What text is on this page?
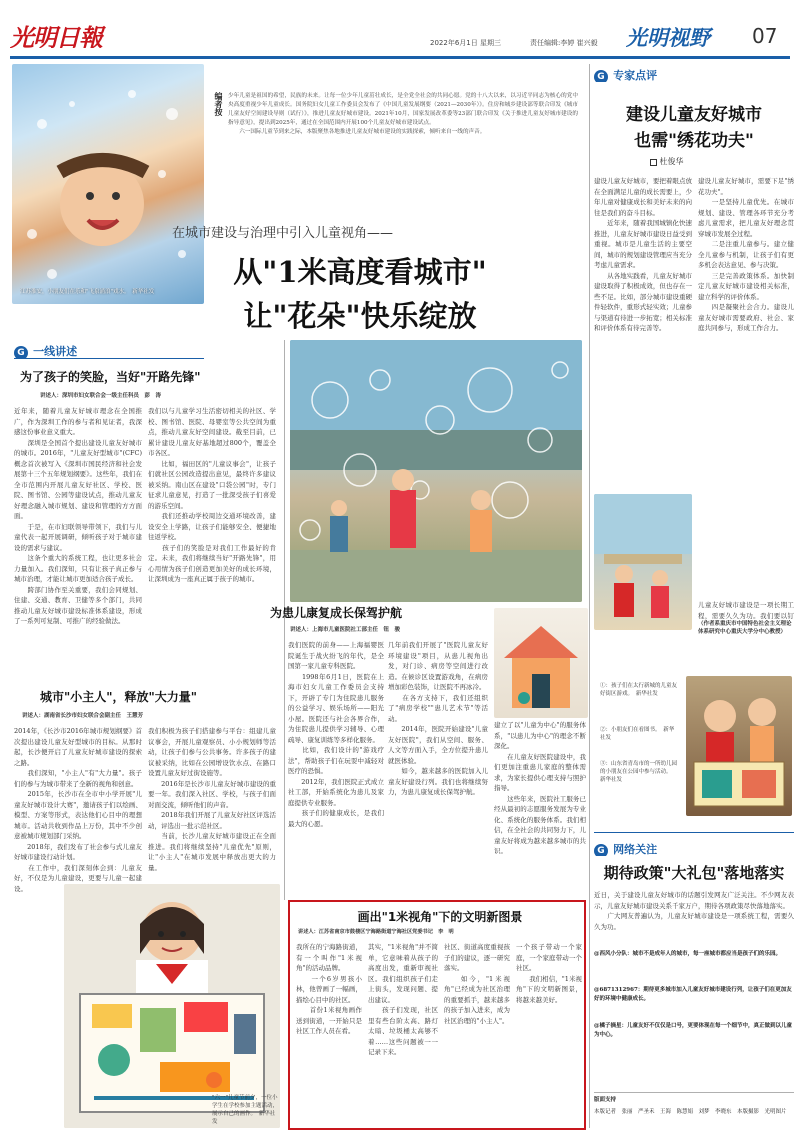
光明日報	2022年6月1日 星期三	责任编辑:李婷 崔兴毅	光明视野	07
江苏淮安，小朋友们在乐和"飞泉涌浪"戏水。　新华社发
编者按 少年儿童是祖国的希望，民族的未来。让每一位少年儿童茁壮成长，是全党全社会的共同心愿。党的十八大以来，以习近平同志为核心的党中央高度重视少年儿童成长。国务院妇女儿童工作委员会发布了《中国儿童发展纲要（2021—2030年）》。住房和城乡建设部等联合印发《城市儿童友好空间建设导则（试行）》，推进儿童友好城市建设。2021年10月，国家发展改革委等23部门联合印发《关于推进儿童友好城市建设的指导意见》，提出到2025年，通过在全国范围内开展100个儿童友好城市建设试点。
　　六一国际儿童节到来之际，本版聚焦各地推进儿童友好城市建设的实践探索，倾听来自一线的声音。
在城市建设与治理中引入儿童视角——
从"1米高度看城市"
让"花朵"快乐绽放
G 一线讲述
为了孩子的笑脸，当好"开路先锋"
讲述人：深圳市妇女联合会一级主任科员　彭　涛
近年来，随着儿童友好城市理念在全国推广，作为深圳工作的参与者和见证者，我深感这份事业意义重大。
　　深圳是全国首个提出建设儿童友好城市的城市。2016年，"儿童友好型城市"(CFC)概念首次被写入《深圳市国民经济和社会发展第十三个五年规划纲要》。这些年，我们在全市范围内开展儿童友好社区、学校、医院、图书馆、公园等建设试点，推动儿童友好理念融入城市规划、建设和管理的方方面面。
　　于是，在市妇联领导带领下，我们与儿童代表一起开展调研，倾听孩子对于城市建设的需求与建议。
　　这条个重大的系统工程，也让更多社会力量加入。我们深知，只有让孩子真正参与城市治理，才能让城市更加适合孩子成长。
　　跨部门协作至关重要，我们会同规划、住建、交通、教育、卫健等多个部门，共同推动儿童友好城市建设标准体系建设，形成了一系列可复制、可推广的经验做法。
我们以与儿童学习生活密切相关的社区、学校、图书馆、医院、母婴室等公共空间为重点，推动儿童友好空间建设。截至目前，已累计建设儿童友好基地超过800个，覆盖全市各区。
　　比如，福田区的"儿童议事会"，让孩子们就社区公园改造提出意见，最终许多建议被采纳。南山区在建设"口袋公园"时，专门征求儿童意见，打造了一批深受孩子们喜爱的游乐空间。
　　我们还推动学校周边交通环境改善，建设安全上学路，让孩子们能够安全、便捷地往返学校。
　　孩子们的笑脸是对我们工作最好的肯定。未来，我们将继续当好"开路先锋"，用心用情为孩子们创造更加美好的成长环境，让深圳成为一座真正属于孩子的城市。
城市"小主人"，释放"大力量"
讲述人：湖南省长沙市妇女联合会副主任　王慧芳
2014年，《长沙市2016年城市规划纲要》首次提出建设儿童友好型城市的目标。从那时起，长沙便开启了儿童友好城市建设的探索之路。
　　我们深知，"小主人"有"大力量"。孩子们的参与为城市带来了全新的视角和创意。
　　2015年，长沙市在全市中小学开展"儿童友好城市设计大赛"，邀请孩子们以绘画、模型、方案等形式，表达他们心目中的理想城市。活动共收到作品上万份，其中不少创意被城市规划部门采纳。
　　2018年，我们发布了社会参与式儿童友好城市建设行动计划。
　　在工作中，我们深刻体会到：儿童友好，不仅是为儿童建设，更要与儿童一起建设。
我们积极为孩子们搭建参与平台：组建儿童议事会，开展儿童观察员、小小规划师等活动，让孩子们参与公共事务。许多孩子的建议被采纳，比如在公园增设饮水点、在路口设置儿童友好过街设施等。
　　2016年是长沙市儿童友好城市建设的重要一年。我们深入社区、学校，与孩子们面对面交流，倾听他们的声音。
　　2018年我们开展了儿童友好社区评选活动，评选出一批示范社区。
　　当前，长沙儿童友好城市建设正在全面推进。我们将继续坚持"儿童优先"原则，让"小主人"在城市发展中释放出更大的力量。

"六一"儿童节前夕，一位小学生在学校参加主题活动，展示自己的画作。　新华社发
为患儿康复成长保驾护航
讲述人：上海市儿童医院社工部主任　钮　骏
我们医院的前身——上海福婴医院诞生于战火纷飞的年代，是全国第一家儿童专科医院。
　　1998年6月1日，医院在上海市妇女儿童工作委员会支持下，开辟了专门为住院患儿服务的公益学习、娱乐场所——阳光小屋。医院还与社会各界合作，为住院患儿提供学习辅导、心理疏导、康复训练等多样化服务。
　　比如，我们设计的"游戏疗法"，帮助孩子们在玩耍中减轻对医疗的恐惧。
　　2012年，我们医院正式成立社工部，开始系统化为患儿及家庭提供专业服务。
　　孩子们的健康成长，是我们最大的心愿。
几年前我们开展了"医院儿童友好环境建设"项目，从患儿视角出发，对门诊、病房等空间进行改造。在候诊区设置游戏角，在病房增加彩色装饰，让医院不再冰冷。
　　在各方支持下，我们还组织了"病房学校""患儿艺术节"等活动。
　　2014年，医院开始建设"儿童友好医院"，我们从空间、服务、人文等方面入手，全方位提升患儿就医体验。
　　如今，越来越多的医院加入儿童友好建设行列。我们也将继续努力，为患儿康复成长保驾护航。
建立了以"儿童为中心"的服务体系，"以患儿为中心"的理念不断深化。
　　在儿童友好医院建设中，我们更加注重患儿家庭的整体需求，为家长提供心理支持与照护指导。
　　这些年来，医院社工服务已经从最初的志愿服务发展为专业化、系统化的服务体系。我们相信，在全社会的共同努力下，儿童友好将成为越来越多城市的共识。
画出"1米视角"下的文明新图景
讲述人：江苏省南京市鼓楼区宁海路街道宁海社区党委书记　李　明
我所在的宁海路街道，有一个叫作"1米视角"的活动品牌。
　　一个6岁男孩小林，他曾画了一幅画，描绘心目中的社区。
　　首份1米视角画作送到街道，一开始只是社区工作人员在看。
其实，"1米视角"并不简单，它意味着从孩子的高度出发，重新审视社区。我们组织孩子们走上街头，发现问题、提出建议。
　　孩子们发现，社区里有些台阶太高、路灯太暗、垃圾桶太高够不着……这些问题被一一记录下来。
社区、街道高度重视孩子们的建议，逐一研究落实。
　　如今，"1米视角"已经成为社区治理的重要抓手，越来越多的孩子加入进来，成为社区治理的"小主人"。
一个孩子带动一个家庭，一个家庭带动一个社区。
　　我们相信，"1米视角"下的文明新图景，将越来越美好。
G 专家点评
建设儿童友好城市
也需"绣花功夫"
杜俊华
建设儿童友好城市，要把着眼点放在全面满足儿童的成长需要上，少年儿童对健康成长和美好未来的向往是我们的奋斗目标。
　　近年来，随着我国城镇化快速推进，儿童友好城市建设日益受到重视。城市是儿童生活的主要空间，城市的规划建设管理应当充分考虑儿童需求。
　　从各地实践看，儿童友好城市建设取得了积极成效，但也存在一些不足。比如，部分城市建设重硬件轻软件，重形式轻实效；儿童参与渠道有待进一步拓宽；相关标准和评价体系有待完善等。
建设儿童友好城市，需要下足"绣花功夫"。
　　一是坚持儿童优先。在城市规划、建设、管理各环节充分考虑儿童需求，把儿童友好理念贯穿城市发展全过程。
　　二是注重儿童参与。建立健全儿童参与机制，让孩子们有更多机会表达意见、参与决策。
　　三是完善政策体系。加快制定儿童友好城市建设相关标准，建立科学的评价体系。
　　四是凝聚社会合力。建设儿童友好城市需要政府、社会、家庭共同参与，形成工作合力。
儿童友好城市建设是一项长期工程，需要久久为功。我们要以钉
（作者系重庆市中国特色社会主义理论体系研究中心重庆大学分中心教授）
①：孩子们在太行新城的儿童友好街区游戏。　新华社发
②：小朋友们在看图书。　新华社发
③：山东省青岛市的一所幼儿园的小朋友在公园中参与活动。　新华社发
G 网络关注
期待政策"大礼包"落地落实
近日，关于建设儿童友好城市的话题引发网友广泛关注。不少网友表示，儿童友好城市建设关系千家万户，期待各项政策尽快落地落实。
　　广大网友普遍认为，儿童友好城市建设是一项系统工程，需要久久为功。
@西风小分队：城市不是成年人的城市，每一座城市都应当是孩子们的乐园。
@6871312967：期待更多城市加入儿童友好城市建设行列，让孩子们在更加友好的环境中健康成长。
@橘子摘星：儿童友好不仅仅是口号，更要体现在每一个细节中，真正做到以儿童为中心。
版面支持
本版记者　张丽　严圣禾　王海　陈慧娟　刘梦　李晓东　本版摄影　光明图片
